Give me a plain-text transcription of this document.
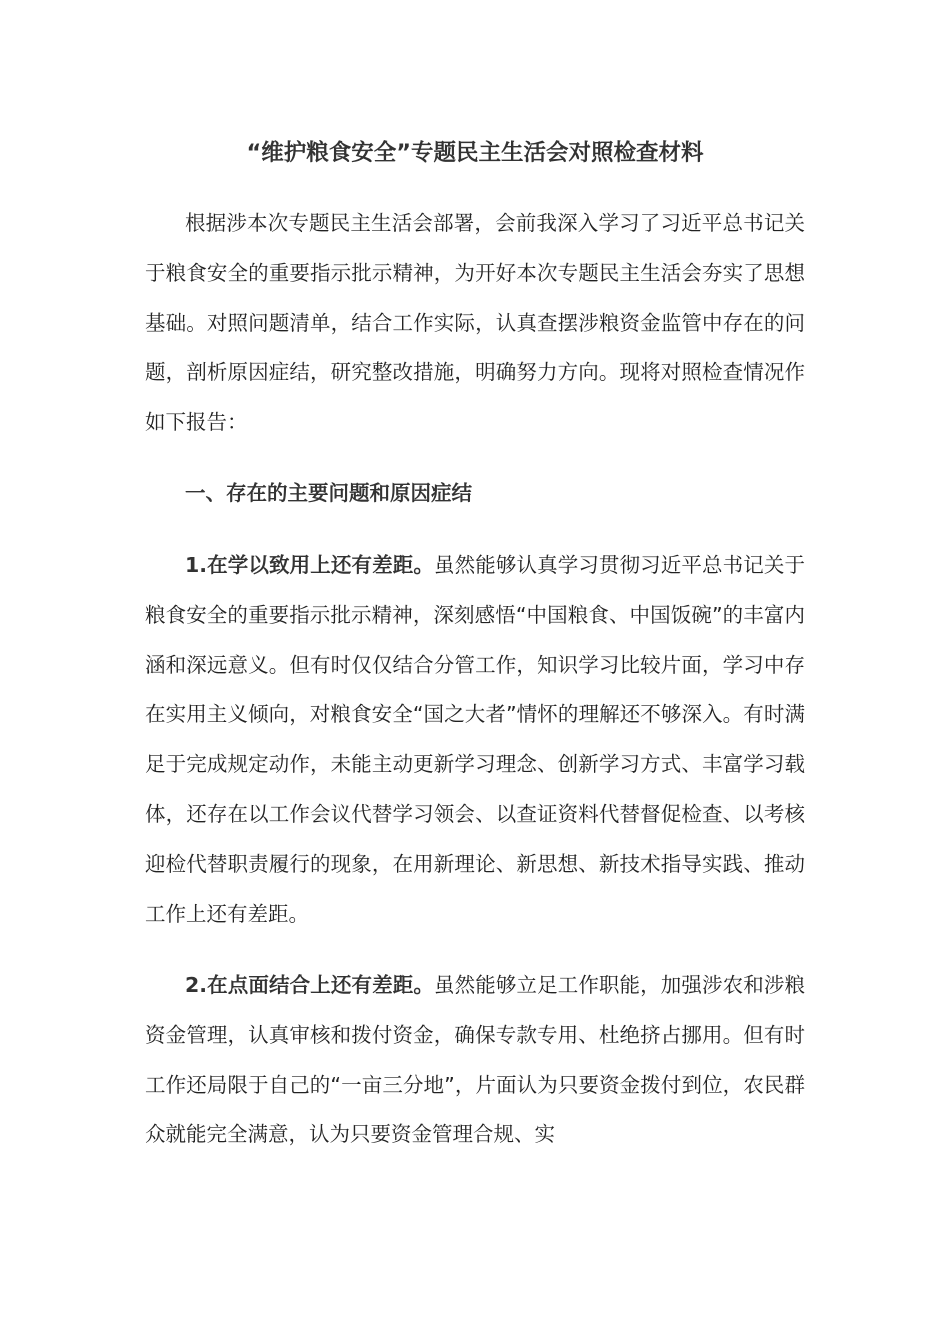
“维护粮食安全”专题民主生活会对照检查材料

根据涉本次专题民主生活会部署，会前我深入学习了习近平总书记关于粮食安全的重要指示批示精神，为开好本次专题民主生活会夯实了思想基础。对照问题清单，结合工作实际，认真查摆涉粮资金监管中存在的问题，剖析原因症结，研究整改措施，明确努力方向。现将对照检查情况作如下报告：

一、存在的主要问题和原因症结

1.在学以致用上还有差距。虽然能够认真学习贯彻习近平总书记关于粮食安全的重要指示批示精神，深刻感悟“中国粮食、中国饭碗”的丰富内涵和深远意义。但有时仅仅结合分管工作，知识学习比较片面，学习中存在实用主义倾向，对粮食安全“国之大者”情怀的理解还不够深入。有时满足于完成规定动作，未能主动更新学习理念、创新学习方式、丰富学习载体，还存在以工作会议代替学习领会、以查证资料代替督促检查、以考核迎检代替职责履行的现象，在用新理论、新思想、新技术指导实践、推动工作上还有差距。

2.在点面结合上还有差距。虽然能够立足工作职能，加强涉农和涉粮资金管理，认真审核和拨付资金，确保专款专用、杜绝挤占挪用。但有时工作还局限于自己的“一亩三分地”，片面认为只要资金拨付到位，农民群众就能完全满意，认为只要资金管理合规、实
